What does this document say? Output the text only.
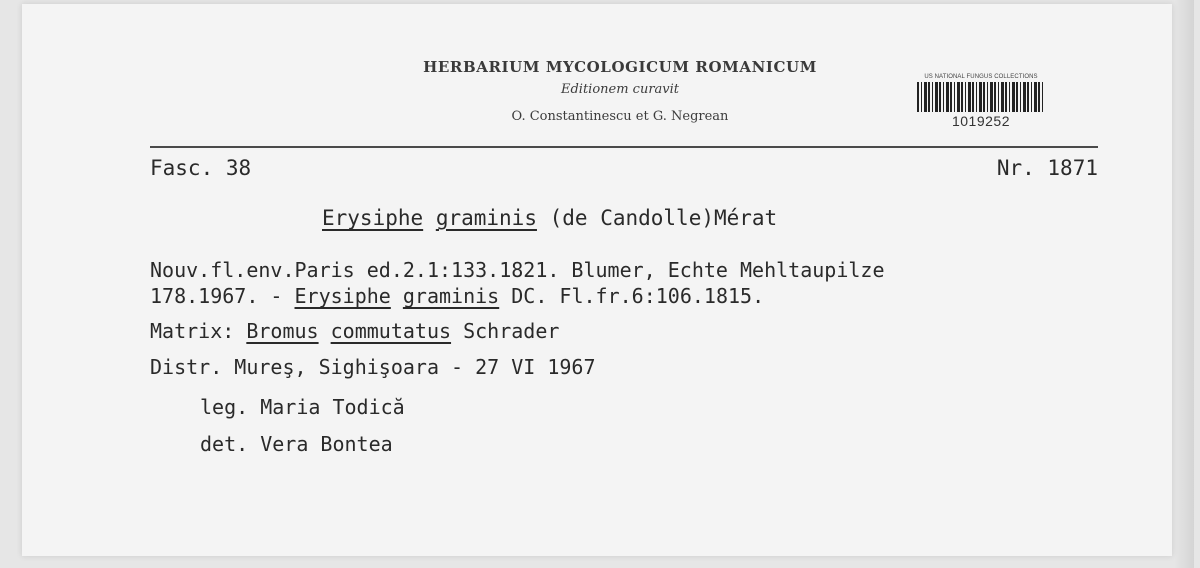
HERBARIUM MYCOLOGICUM ROMANICUM
Editionem curavit
O. Constantinescu et G. Negrean
US NATIONAL FUNGUS COLLECTIONS
1019252
Fasc. 38	Nr. 1871
Erysiphe graminis (de Candolle)Mérat
Nouv.fl.env.Paris ed.2.1:133.1821. Blumer, Echte Mehltaupilze
178.1967. - Erysiphe graminis DC. Fl.fr.6:106.1815.
Matrix: Bromus commutatus Schrader
Distr. Mureş, Sighişoara - 27 VI 1967
leg. Maria Todică
det. Vera Bontea
